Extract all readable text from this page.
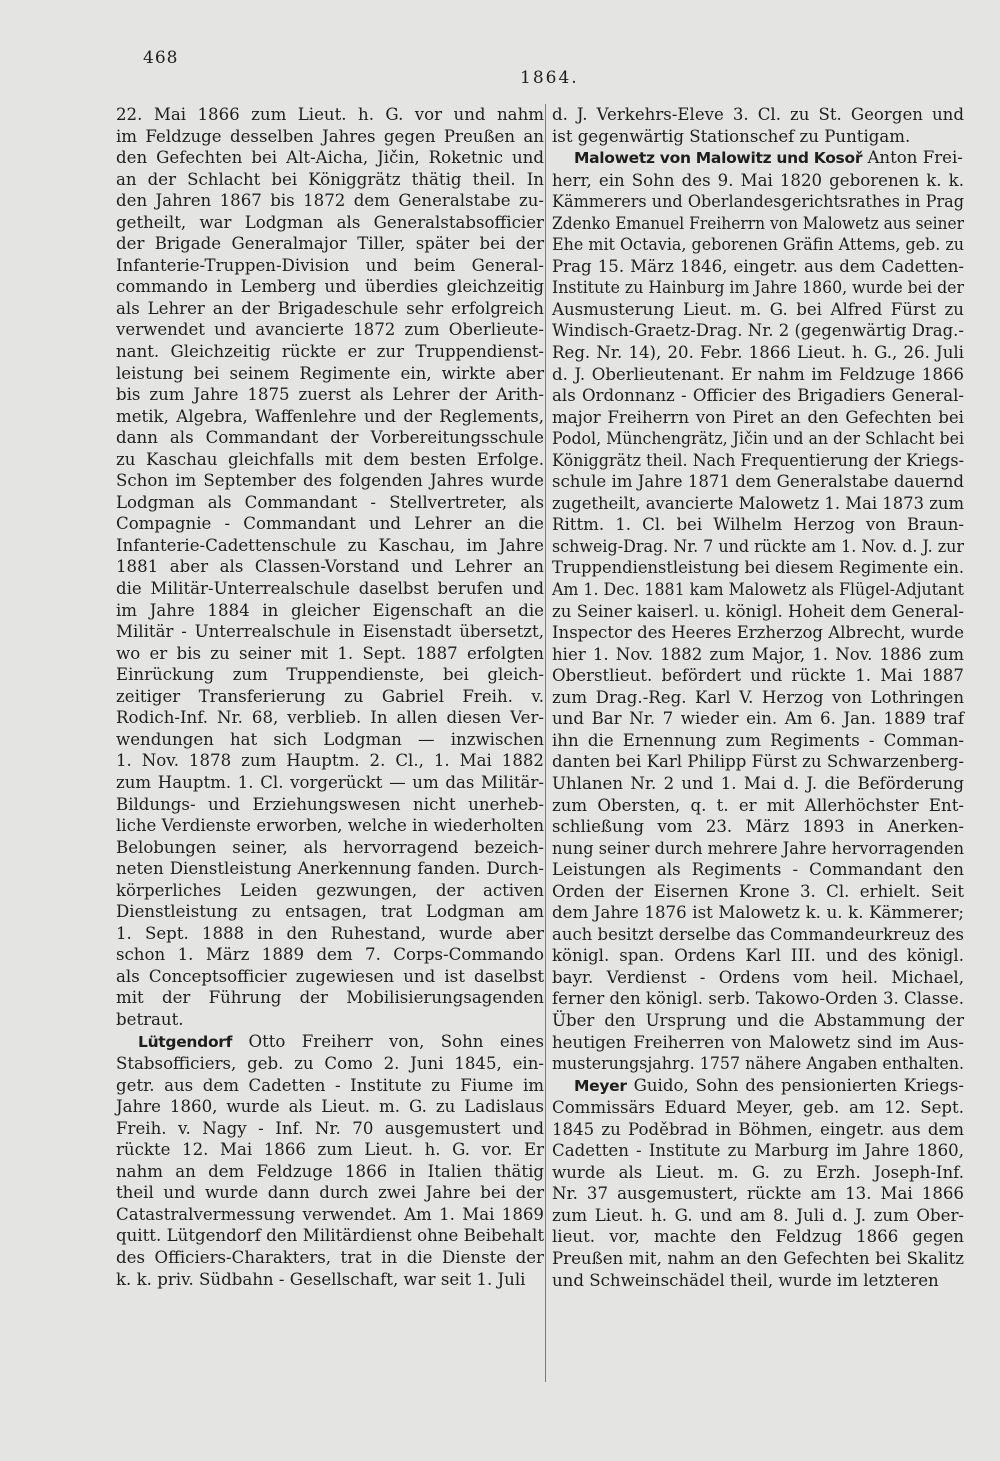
468
1864.
22. Mai 1866 zum Lieut. h. G. vor und nahm
im Feldzuge desselben Jahres gegen Preußen an
den Gefechten bei Alt-Aicha, Jičin, Roketnic und
an der Schlacht bei Königgrätz thätig theil. In
den Jahren 1867 bis 1872 dem Generalstabe zu-
getheilt, war Lodgman als Generalstabsofficier
der Brigade Generalmajor Tiller, später bei der
Infanterie-Truppen-Division und beim General-
commando in Lemberg und überdies gleichzeitig
als Lehrer an der Brigadeschule sehr erfolgreich
verwendet und avancierte 1872 zum Oberlieute-
nant. Gleichzeitig rückte er zur Truppendienst-
leistung bei seinem Regimente ein, wirkte aber
bis zum Jahre 1875 zuerst als Lehrer der Arith-
metik, Algebra, Waffenlehre und der Reglements,
dann als Commandant der Vorbereitungsschule
zu Kaschau gleichfalls mit dem besten Erfolge.
Schon im September des folgenden Jahres wurde
Lodgman als Commandant - Stellvertreter, als
Compagnie - Commandant und Lehrer an die
Infanterie-Cadettenschule zu Kaschau, im Jahre
1881 aber als Classen-Vorstand und Lehrer an
die Militär-Unterrealschule daselbst berufen und
im Jahre 1884 in gleicher Eigenschaft an die
Militär - Unterrealschule in Eisenstadt übersetzt,
wo er bis zu seiner mit 1. Sept. 1887 erfolgten
Einrückung zum Truppendienste, bei gleich-
zeitiger Transferierung zu Gabriel Freih. v.
Rodich-Inf. Nr. 68, verblieb. In allen diesen Ver-
wendungen hat sich Lodgman — inzwischen
1. Nov. 1878 zum Hauptm. 2. Cl., 1. Mai 1882
zum Hauptm. 1. Cl. vorgerückt — um das Militär-
Bildungs- und Erziehungswesen nicht unerheb-
liche Verdienste erworben, welche in wiederholten
Belobungen seiner, als hervorragend bezeich-
neten Dienstleistung Anerkennung fanden. Durch-
körperliches Leiden gezwungen, der activen
Dienstleistung zu entsagen, trat Lodgman am
1. Sept. 1888 in den Ruhestand, wurde aber
schon 1. März 1889 dem 7. Corps-Commando
als Conceptsofficier zugewiesen und ist daselbst
mit der Führung der Mobilisierungsagenden
betraut.
Lütgendorf Otto Freiherr von, Sohn eines
Stabsofficiers, geb. zu Como 2. Juni 1845, ein-
getr. aus dem Cadetten - Institute zu Fiume im
Jahre 1860, wurde als Lieut. m. G. zu Ladislaus
Freih. v. Nagy - Inf. Nr. 70 ausgemustert und
rückte 12. Mai 1866 zum Lieut. h. G. vor. Er
nahm an dem Feldzuge 1866 in Italien thätig
theil und wurde dann durch zwei Jahre bei der
Catastralvermessung verwendet. Am 1. Mai 1869
quitt. Lütgendorf den Militärdienst ohne Beibehalt
des Officiers-Charakters, trat in die Dienste der
k. k. priv. Südbahn - Gesellschaft, war seit 1. Juli
d. J. Verkehrs-Eleve 3. Cl. zu St. Georgen und
ist gegenwärtig Stationschef zu Puntigam.
Malowetz von Malowitz und Kosoř Anton Frei-
herr, ein Sohn des 9. Mai 1820 geborenen k. k.
Kämmerers und Oberlandesgerichtsrathes in Prag
Zdenko Emanuel Freiherrn von Malowetz aus seiner
Ehe mit Octavia, geborenen Gräfin Attems, geb. zu
Prag 15. März 1846, eingetr. aus dem Cadetten-
Institute zu Hainburg im Jahre 1860, wurde bei der
Ausmusterung Lieut. m. G. bei Alfred Fürst zu
Windisch-Graetz-Drag. Nr. 2 (gegenwärtig Drag.-
Reg. Nr. 14), 20. Febr. 1866 Lieut. h. G., 26. Juli
d. J. Oberlieutenant. Er nahm im Feldzuge 1866
als Ordonnanz - Officier des Brigadiers General-
major Freiherrn von Piret an den Gefechten bei
Podol, Münchengrätz, Jičin und an der Schlacht bei
Königgrätz theil. Nach Frequentierung der Kriegs-
schule im Jahre 1871 dem Generalstabe dauernd
zugetheilt, avancierte Malowetz 1. Mai 1873 zum
Rittm. 1. Cl. bei Wilhelm Herzog von Braun-
schweig-Drag. Nr. 7 und rückte am 1. Nov. d. J. zur
Truppendienstleistung bei diesem Regimente ein.
Am 1. Dec. 1881 kam Malowetz als Flügel-Adjutant
zu Seiner kaiserl. u. königl. Hoheit dem General-
Inspector des Heeres Erzherzog Albrecht, wurde
hier 1. Nov. 1882 zum Major, 1. Nov. 1886 zum
Oberstlieut. befördert und rückte 1. Mai 1887
zum Drag.-Reg. Karl V. Herzog von Lothringen
und Bar Nr. 7 wieder ein. Am 6. Jan. 1889 traf
ihn die Ernennung zum Regiments - Comman-
danten bei Karl Philipp Fürst zu Schwarzenberg-
Uhlanen Nr. 2 und 1. Mai d. J. die Beförderung
zum Obersten, q. t. er mit Allerhöchster Ent-
schließung vom 23. März 1893 in Anerken-
nung seiner durch mehrere Jahre hervorragenden
Leistungen als Regiments - Commandant den
Orden der Eisernen Krone 3. Cl. erhielt. Seit
dem Jahre 1876 ist Malowetz k. u. k. Kämmerer;
auch besitzt derselbe das Commandeurkreuz des
königl. span. Ordens Karl III. und des königl.
bayr. Verdienst - Ordens vom heil. Michael,
ferner den königl. serb. Takowo-Orden 3. Classe.
Über den Ursprung und die Abstammung der
heutigen Freiherren von Malowetz sind im Aus-
musterungsjahrg. 1757 nähere Angaben enthalten.
Meyer Guido, Sohn des pensionierten Kriegs-
Commissärs Eduard Meyer, geb. am 12. Sept.
1845 zu Poděbrad in Böhmen, eingetr. aus dem
Cadetten - Institute zu Marburg im Jahre 1860,
wurde als Lieut. m. G. zu Erzh. Joseph-Inf.
Nr. 37 ausgemustert, rückte am 13. Mai 1866
zum Lieut. h. G. und am 8. Juli d. J. zum Ober-
lieut. vor, machte den Feldzug 1866 gegen
Preußen mit, nahm an den Gefechten bei Skalitz
und Schweinschädel theil, wurde im letzteren
